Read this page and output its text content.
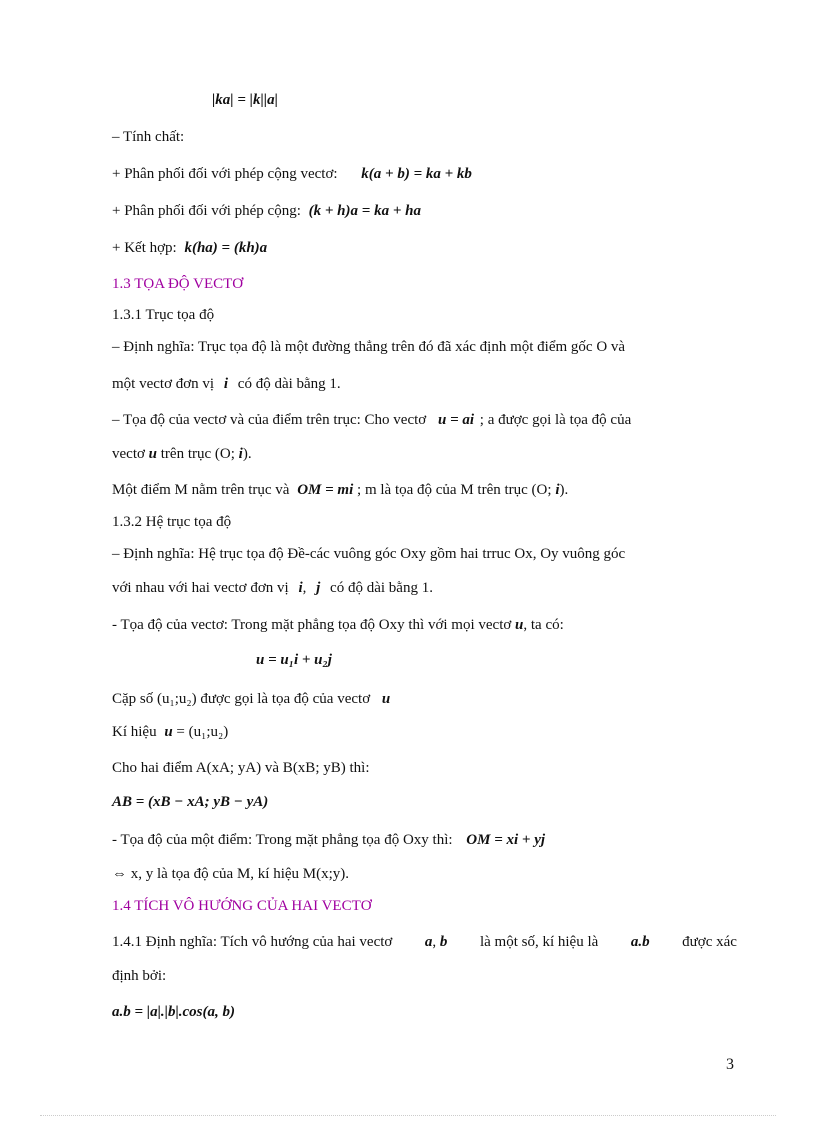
|ka| = |k||a|
– Tính chất:
+ Phân phối đối với phép cộng vectơ: k(a + b) = ka + kb
+ Phân phối đối với phép cộng: (k + h)a = ka + ha
+ Kết hợp: k(ha) = (kh)a
1.3 TỌA ĐỘ VECTƠ
1.3.1 Trục tọa độ
– Định nghĩa: Trục tọa độ là một đường thẳng trên đó đã xác định một điểm gốc O và
một vectơ đơn vị i có độ dài bằng 1.
– Tọa độ của vectơ và của điểm trên trục: Cho vectơ u = ai ; a được gọi là tọa độ của
vectơ u trên trục (O; i).
Một điểm M nằm trên trục và OM = mi ; m là tọa độ của M trên trục (O; i).
1.3.2 Hệ trục tọa độ
– Định nghĩa: Hệ trục tọa độ Đề-các vuông góc Oxy gồm hai trruc Ox, Oy vuông góc
với nhau với hai vectơ đơn vị i, j có độ dài bằng 1.
- Tọa độ của vectơ: Trong mặt phẳng tọa độ Oxy thì với mọi vectơ u, ta có:
u = u₁i + u₂j
Cặp số (u₁;u₂) được gọi là tọa độ của vectơ u
Kí hiệu u = (u₁;u₂)
Cho hai điểm A(xA; yA) và B(xB; yB) thì:
AB = (xB − xA; yB − yA)
- Tọa độ của một điểm: Trong mặt phẳng tọa độ Oxy thì: OM = xi + yj
⇔ x, y là tọa độ của M, kí hiệu M(x;y).
1.4 TÍCH VÔ HƯỚNG CỦA HAI VECTƠ
1.4.1 Định nghĩa: Tích vô hướng của hai vectơ a, b là một số, kí hiệu là a.b được xác
định bởi:
a.b = |a|.|b|.cos(a, b)
3
